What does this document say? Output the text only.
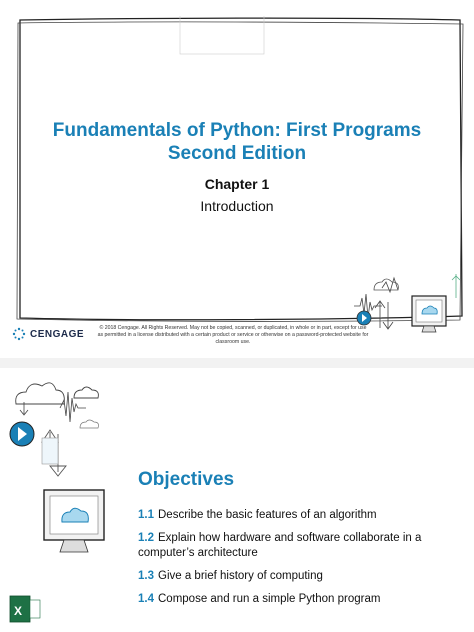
Fundamentals of Python: First Programs
Second Edition
Chapter 1
Introduction
CENGAGE
© 2018 Cengage. All Rights Reserved. May not be copied, scanned, or duplicated, in whole or in part, except for use
as permitted in a license distributed with a certain product or service or otherwise on a password-protected website for
classroom use.
X
Objectives
1.1 Describe the basic features of an algorithm
1.2 Explain how hardware and software collaborate in a computer’s architecture
1.3 Give a brief history of computing
1.4 Compose and run a simple Python program
